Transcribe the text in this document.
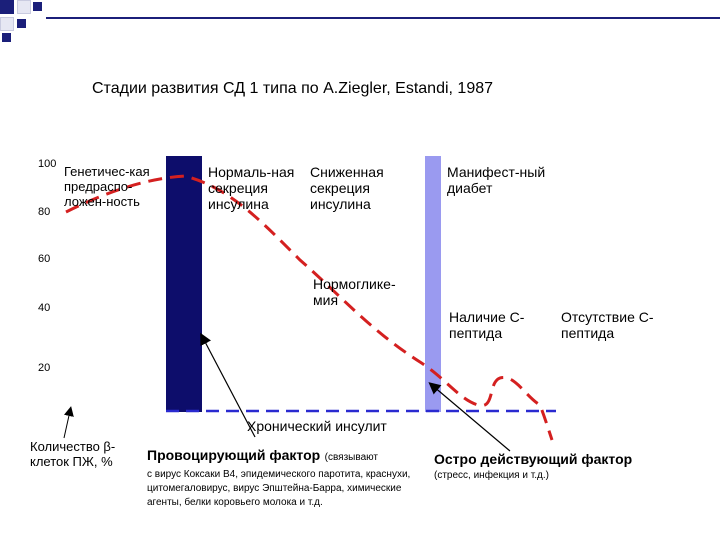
Стадии развития СД 1 типа по A.Ziegler, Estandi, 1987
100
80
60
40
20
Генетичес-кая предраспо-ложен-ность
Нормаль-ная секреция инсулина
Сниженная секреция инсулина
Манифест-ный диабет
Нормоглике-мия
Наличие С-пептида
Отсутствие С-пептида
Хронический инсулит
Количество β-клеток ПЖ, %	Провоцирующий фактор (связывают
с вирус Коксаки В4, эпидемического паротита, краснухи, цитомегаловирус, вирус Эпштейна-Барра, химические агенты, белки коровьего молока и т.д.
Остро действующий фактор
(стресс, инфекция и т.д.)
